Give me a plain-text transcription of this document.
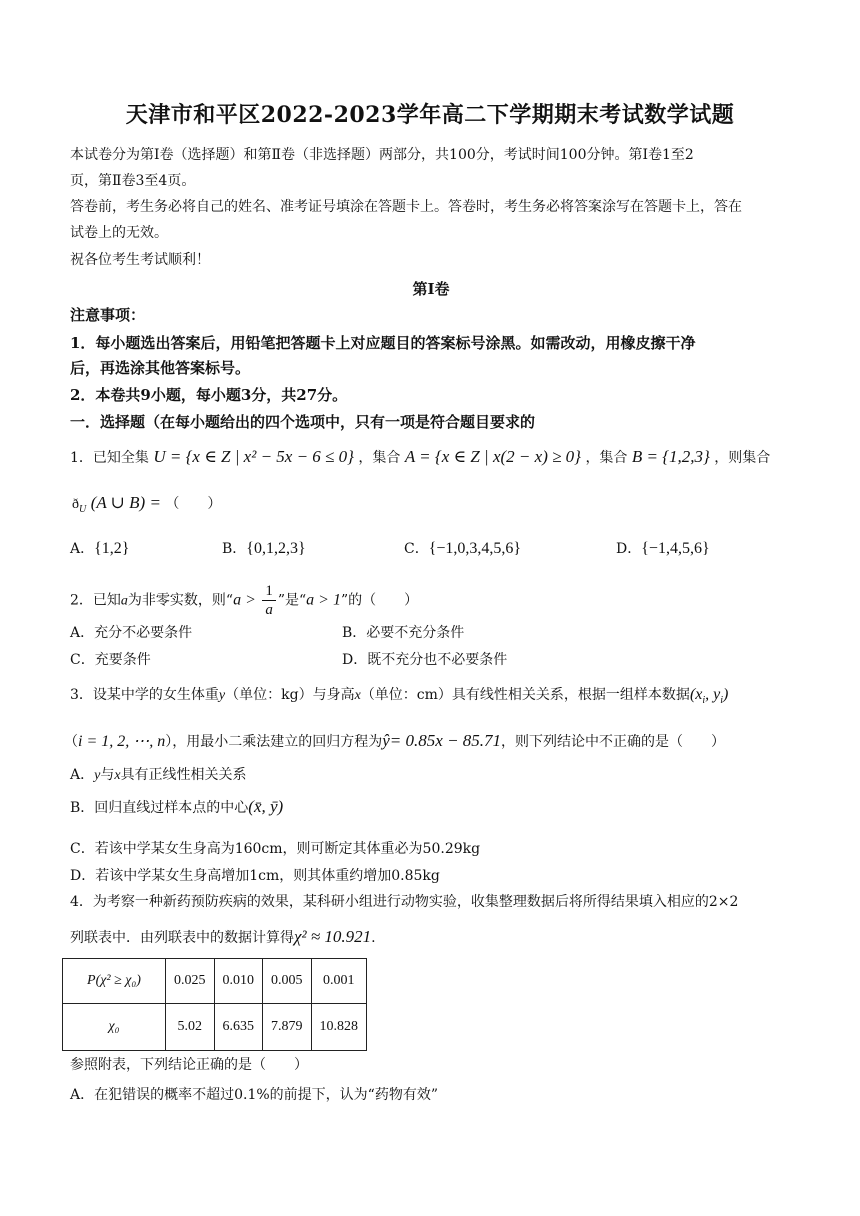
天津市和平区2022-2023学年高二下学期期末考试数学试题
本试卷分为第Ⅰ卷（选择题）和第Ⅱ卷（非选择题）两部分，共100分，考试时间100分钟。第Ⅰ卷1至2
页，第Ⅱ卷3至4页。
答卷前，考生务必将自己的姓名、准考证号填涂在答题卡上。答卷时，考生务必将答案涂写在答题卡上，答在
试卷上的无效。
祝各位考生考试顺利！
第Ⅰ卷
注意事项：
1．每小题选出答案后，用铅笔把答题卡上对应题目的答案标号涂黑。如需改动，用橡皮擦干净
后，再选涂其他答案标号。
2．本卷共9小题，每小题3分，共27分。
一．选择题（在每小题给出的四个选项中，只有一项是符合题目要求的
1．已知全集 U = {x ∈ Z | x² − 5x − 6 ≤ 0} ，集合 A = {x ∈ Z | x(2 − x) ≥ 0} ，集合 B = {1,2,3} ，则集合
$ð_U$ (A ∪ B) = （　　）
A．{1,2}	B．{0,1,2,3}	C．{−1,0,3,4,5,6}	D．{−1,4,5,6}
2．已知a为非零实数，则“$a > \frac{1}{a}$ ”是“a > 1”的（　　）
A．充分不必要条件	B．必要不充分条件
C．充要条件	D．既不充分也不必要条件
3．设某中学的女生体重y（单位：kg）与身高x（单位：cm）具有线性相关关系，根据一组样本数据($x_i$, $y_i$)
（i = 1, 2, ⋯, n），用最小二乘法建立的回归方程为ŷ= 0.85x − 85.71，则下列结论中不正确的是（　　）
A．y与x具有正线性相关关系
B．回归直线过样本点的中心(x̄, ȳ)
C．若该中学某女生身高为160cm，则可断定其体重必为50.29kg
D．若该中学某女生身高增加1cm，则其体重约增加0.85kg
4．为考察一种新药预防疾病的效果，某科研小组进行动物实验，收集整理数据后将所得结果填入相应的2×2
列联表中．由列联表中的数据计算得χ² ≈ 10.921.
P(χ² ≥ χ₀)	0.025	0.010	0.005	0.001
χ₀	5.02	6.635	7.879	10.828
参照附表，下列结论正确的是（　　）
A．在犯错误的概率不超过0.1%的前提下，认为“药物有效”
